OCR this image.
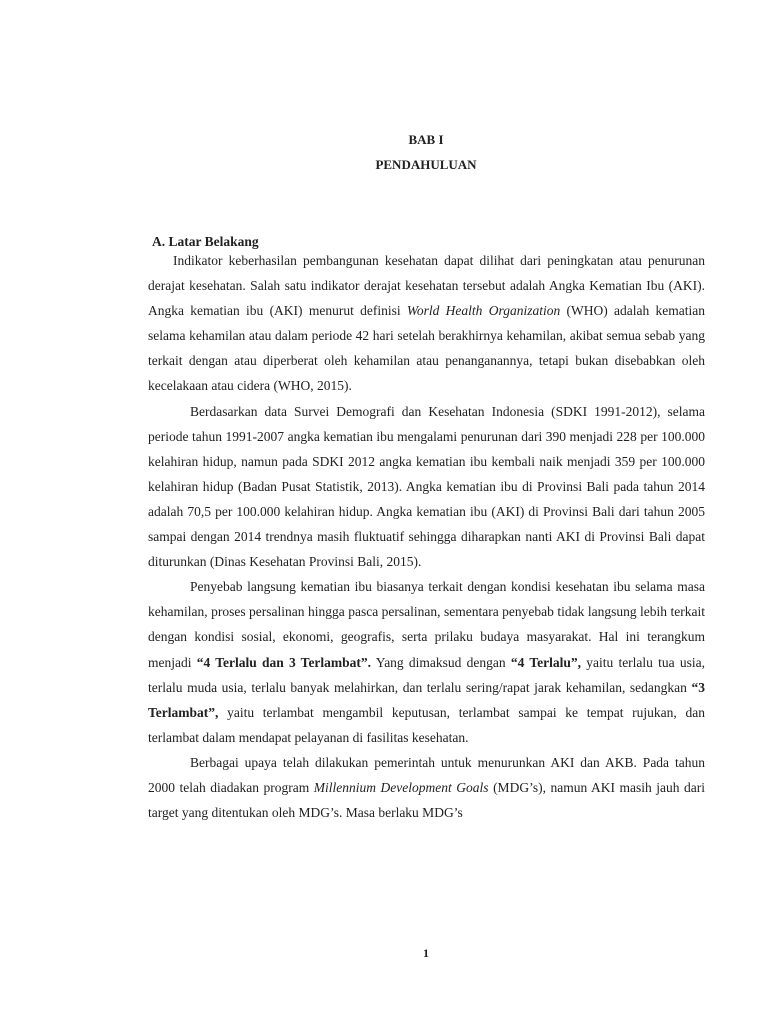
BAB I
PENDAHULUAN
A. Latar Belakang

Indikator keberhasilan pembangunan kesehatan dapat dilihat dari peningkatan atau penurunan derajat kesehatan. Salah satu indikator derajat kesehatan tersebut adalah Angka Kematian Ibu (AKI). Angka kematian ibu (AKI) menurut definisi World Health Organization (WHO) adalah kematian selama kehamilan atau dalam periode 42 hari setelah berakhirnya kehamilan, akibat semua sebab yang terkait dengan atau diperberat oleh kehamilan atau penanganannya, tetapi bukan disebabkan oleh kecelakaan atau cidera (WHO, 2015).

Berdasarkan data Survei Demografi dan Kesehatan Indonesia (SDKI 1991-2012), selama periode tahun 1991-2007 angka kematian ibu mengalami penurunan dari 390 menjadi 228 per 100.000 kelahiran hidup, namun pada SDKI 2012 angka kematian ibu kembali naik menjadi 359 per 100.000 kelahiran hidup (Badan Pusat Statistik, 2013). Angka kematian ibu di Provinsi Bali pada tahun 2014 adalah 70,5 per 100.000 kelahiran hidup. Angka kematian ibu (AKI) di Provinsi Bali dari tahun 2005 sampai dengan 2014 trendnya masih fluktuatif sehingga diharapkan nanti AKI di Provinsi Bali dapat diturunkan (Dinas Kesehatan Provinsi Bali, 2015).

Penyebab langsung kematian ibu biasanya terkait dengan kondisi kesehatan ibu selama masa kehamilan, proses persalinan hingga pasca persalinan, sementara penyebab tidak langsung lebih terkait dengan kondisi sosial, ekonomi, geografis, serta prilaku budaya masyarakat. Hal ini terangkum menjadi “4 Terlalu dan 3 Terlambat”. Yang dimaksud dengan “4 Terlalu”, yaitu terlalu tua usia, terlalu muda usia, terlalu banyak melahirkan, dan terlalu sering/rapat jarak kehamilan, sedangkan “3 Terlambat”, yaitu terlambat mengambil keputusan, terlambat sampai ke tempat rujukan, dan terlambat dalam mendapat pelayanan di fasilitas kesehatan.

Berbagai upaya telah dilakukan pemerintah untuk menurunkan AKI dan AKB. Pada tahun 2000 telah diadakan program Millennium Development Goals (MDG’s), namun AKI masih jauh dari target yang ditentukan oleh MDG’s. Masa berlaku MDG’s

1
